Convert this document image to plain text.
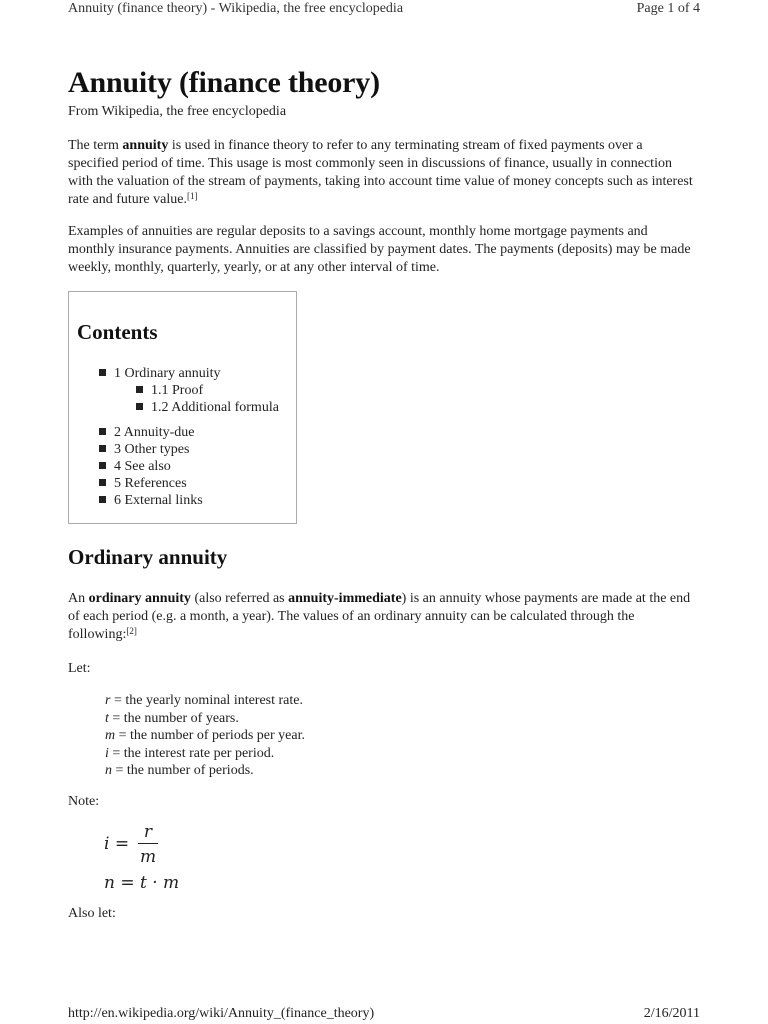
Annuity (finance theory) - Wikipedia, the free encyclopedia	Page 1 of 4
Annuity (finance theory)
From Wikipedia, the free encyclopedia

The term annuity is used in finance theory to refer to any terminating stream of fixed payments over a specified period of time. This usage is most commonly seen in discussions of finance, usually in connection with the valuation of the stream of payments, taking into account time value of money concepts such as interest rate and future value.[1]

Examples of annuities are regular deposits to a savings account, monthly home mortgage payments and monthly insurance payments. Annuities are classified by payment dates. The payments (deposits) may be made weekly, monthly, quarterly, yearly, or at any other interval of time.

Contents
1 Ordinary annuity
1.1 Proof
1.2 Additional formula
2 Annuity-due
3 Other types
4 See also
5 References
6 External links
Ordinary annuity

An ordinary annuity (also referred as annuity-immediate) is an annuity whose payments are made at the end of each period (e.g. a month, a year). The values of an ordinary annuity can be calculated through the following:[2]

Let:
r = the yearly nominal interest rate.
t = the number of years.
m = the number of periods per year.
i = the interest rate per period.
n = the number of periods.
Note:
i =
r
m
n = t · m
Also let:
http://en.wikipedia.org/wiki/Annuity_(finance_theory)	2/16/2011
